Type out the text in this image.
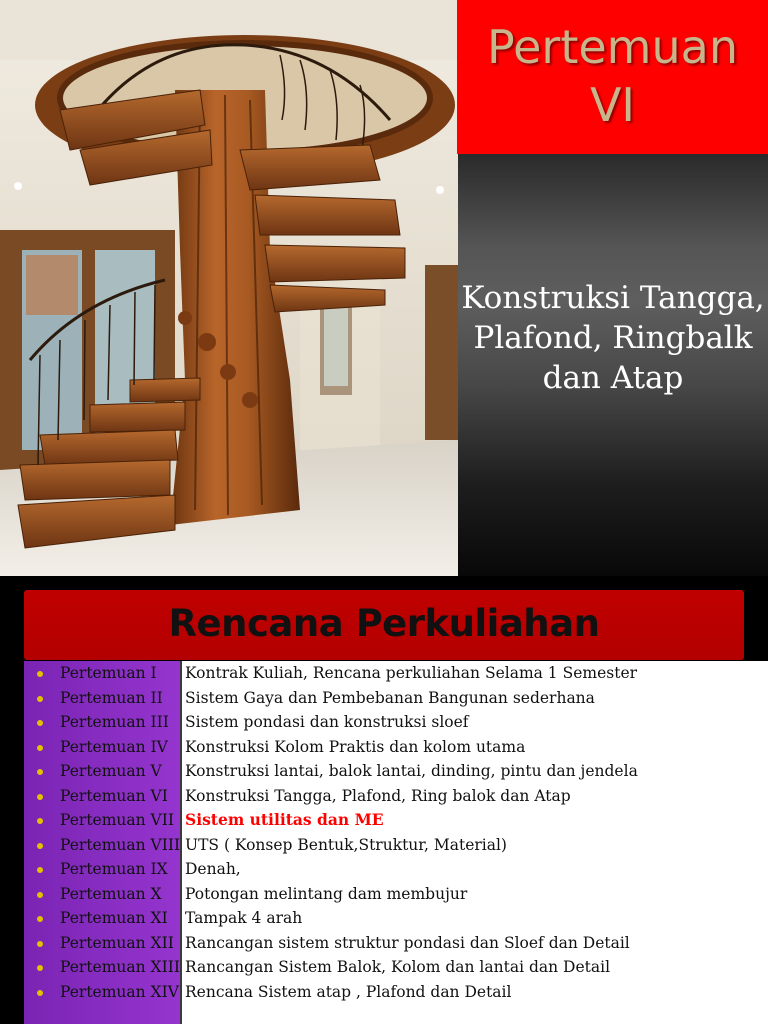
Pertemuan
VI
Konstruksi Tangga,
Plafond, Ringbalk
dan Atap
Rencana Perkuliahan
Pertemuan I Kontrak Kuliah, Rencana perkuliahan Selama 1 Semester
Pertemuan II Sistem Gaya dan Pembebanan Bangunan sederhana
Pertemuan III Sistem pondasi dan konstruksi sloef
Pertemuan IV Konstruksi Kolom Praktis dan kolom utama
Pertemuan V Konstruksi lantai, balok lantai, dinding, pintu dan jendela
Pertemuan VI Konstruksi Tangga, Plafond, Ring balok dan Atap
Pertemuan VII Sistem utilitas dan ME
Pertemuan VIII UTS ( Konsep Bentuk,Struktur, Material)
Pertemuan IX Denah,
Pertemuan X Potongan melintang dam membujur
Pertemuan XI Tampak 4 arah
Pertemuan XII Rancangan sistem struktur pondasi dan Sloef dan Detail
Pertemuan XIII Rancangan Sistem Balok, Kolom dan lantai dan Detail
Pertemuan XIV Rencana Sistem atap , Plafond dan Detail
